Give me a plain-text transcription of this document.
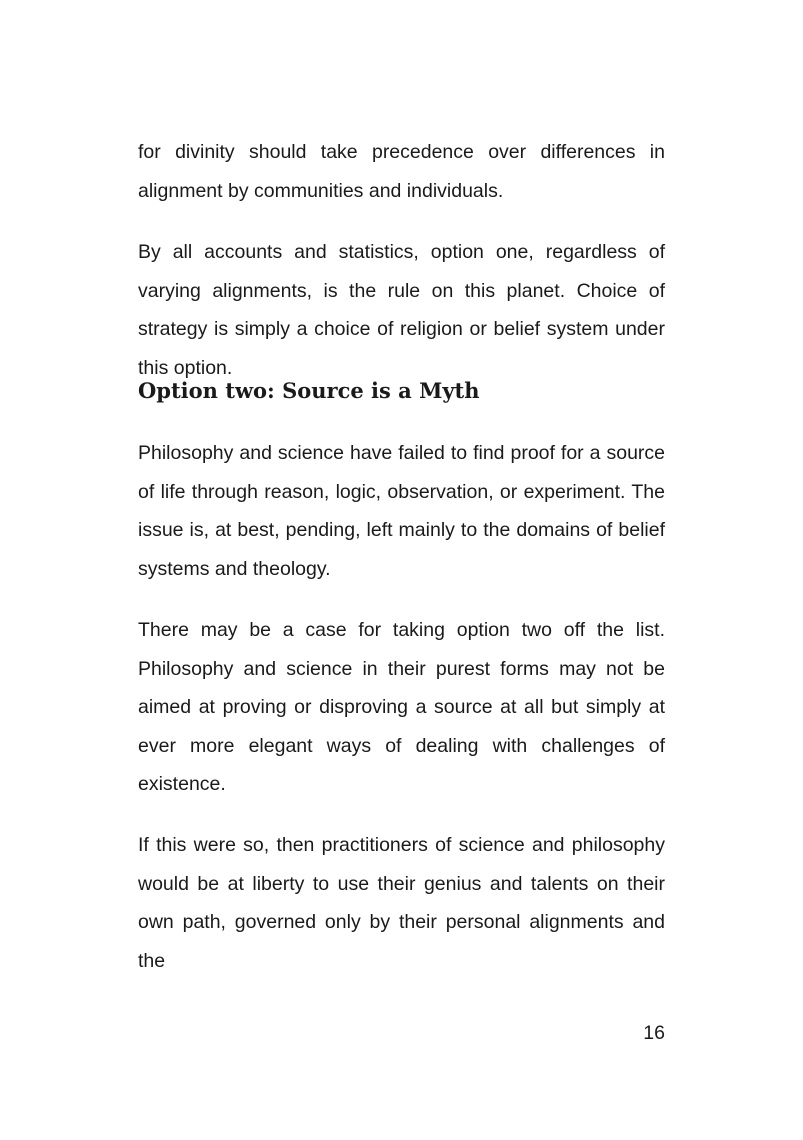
for divinity should take precedence over differences in alignment by communities and individuals.

By all accounts and statistics, option one, regardless of varying alignments, is the rule on this planet. Choice of strategy is simply a choice of religion or belief system under this option.

Option two: Source is a Myth

Philosophy and science have failed to find proof for a source of life through reason, logic, observation, or experiment. The issue is, at best, pending, left mainly to the domains of belief systems and theology.

There may be a case for taking option two off the list. Philosophy and science in their purest forms may not be aimed at proving or disproving a source at all but simply at ever more elegant ways of dealing with challenges of existence.

If this were so, then practitioners of science and philosophy would be at liberty to use their genius and talents on their own path, governed only by their personal alignments and the

16
